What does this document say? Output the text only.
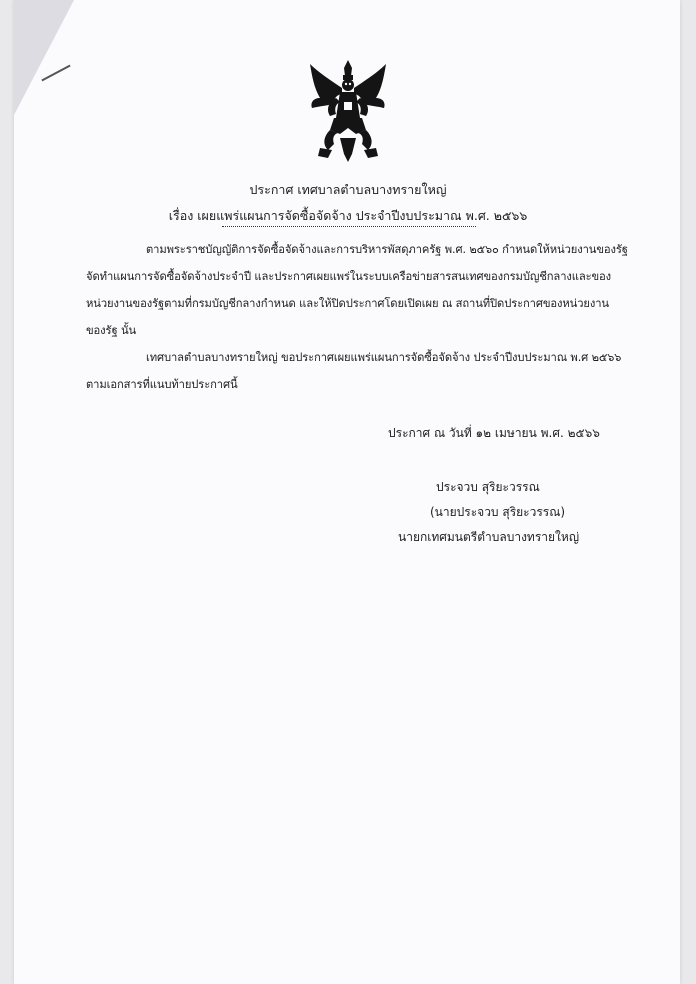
ประกาศ เทศบาลตำบลบางทรายใหญ่
เรื่อง เผยแพร่แผนการจัดซื้อจัดจ้าง ประจำปีงบประมาณ พ.ศ. ๒๕๖๖
ตามพระราชบัญญัติการจัดซื้อจัดจ้างและการบริหารพัสดุภาครัฐ พ.ศ. ๒๕๖๐ กำหนดให้หน่วยงานของรัฐ
จัดทำแผนการจัดซื้อจัดจ้างประจำปี และประกาศเผยแพร่ในระบบเครือข่ายสารสนเทศของกรมบัญชีกลางและของ
หน่วยงานของรัฐตามที่กรมบัญชีกลางกำหนด และให้ปิดประกาศโดยเปิดเผย ณ สถานที่ปิดประกาศของหน่วยงาน
ของรัฐ นั้น
เทศบาลตำบลบางทรายใหญ่ ขอประกาศเผยแพร่แผนการจัดซื้อจัดจ้าง ประจำปีงบประมาณ พ.ศ ๒๕๖๖
ตามเอกสารที่แนบท้ายประกาศนี้
ประกาศ ณ วันที่ ๑๒ เมษายน พ.ศ. ๒๕๖๖
ประจวบ สุริยะวรรณ
(นายประจวบ สุริยะวรรณ)
นายกเทศมนตรีตำบลบางทรายใหญ่
